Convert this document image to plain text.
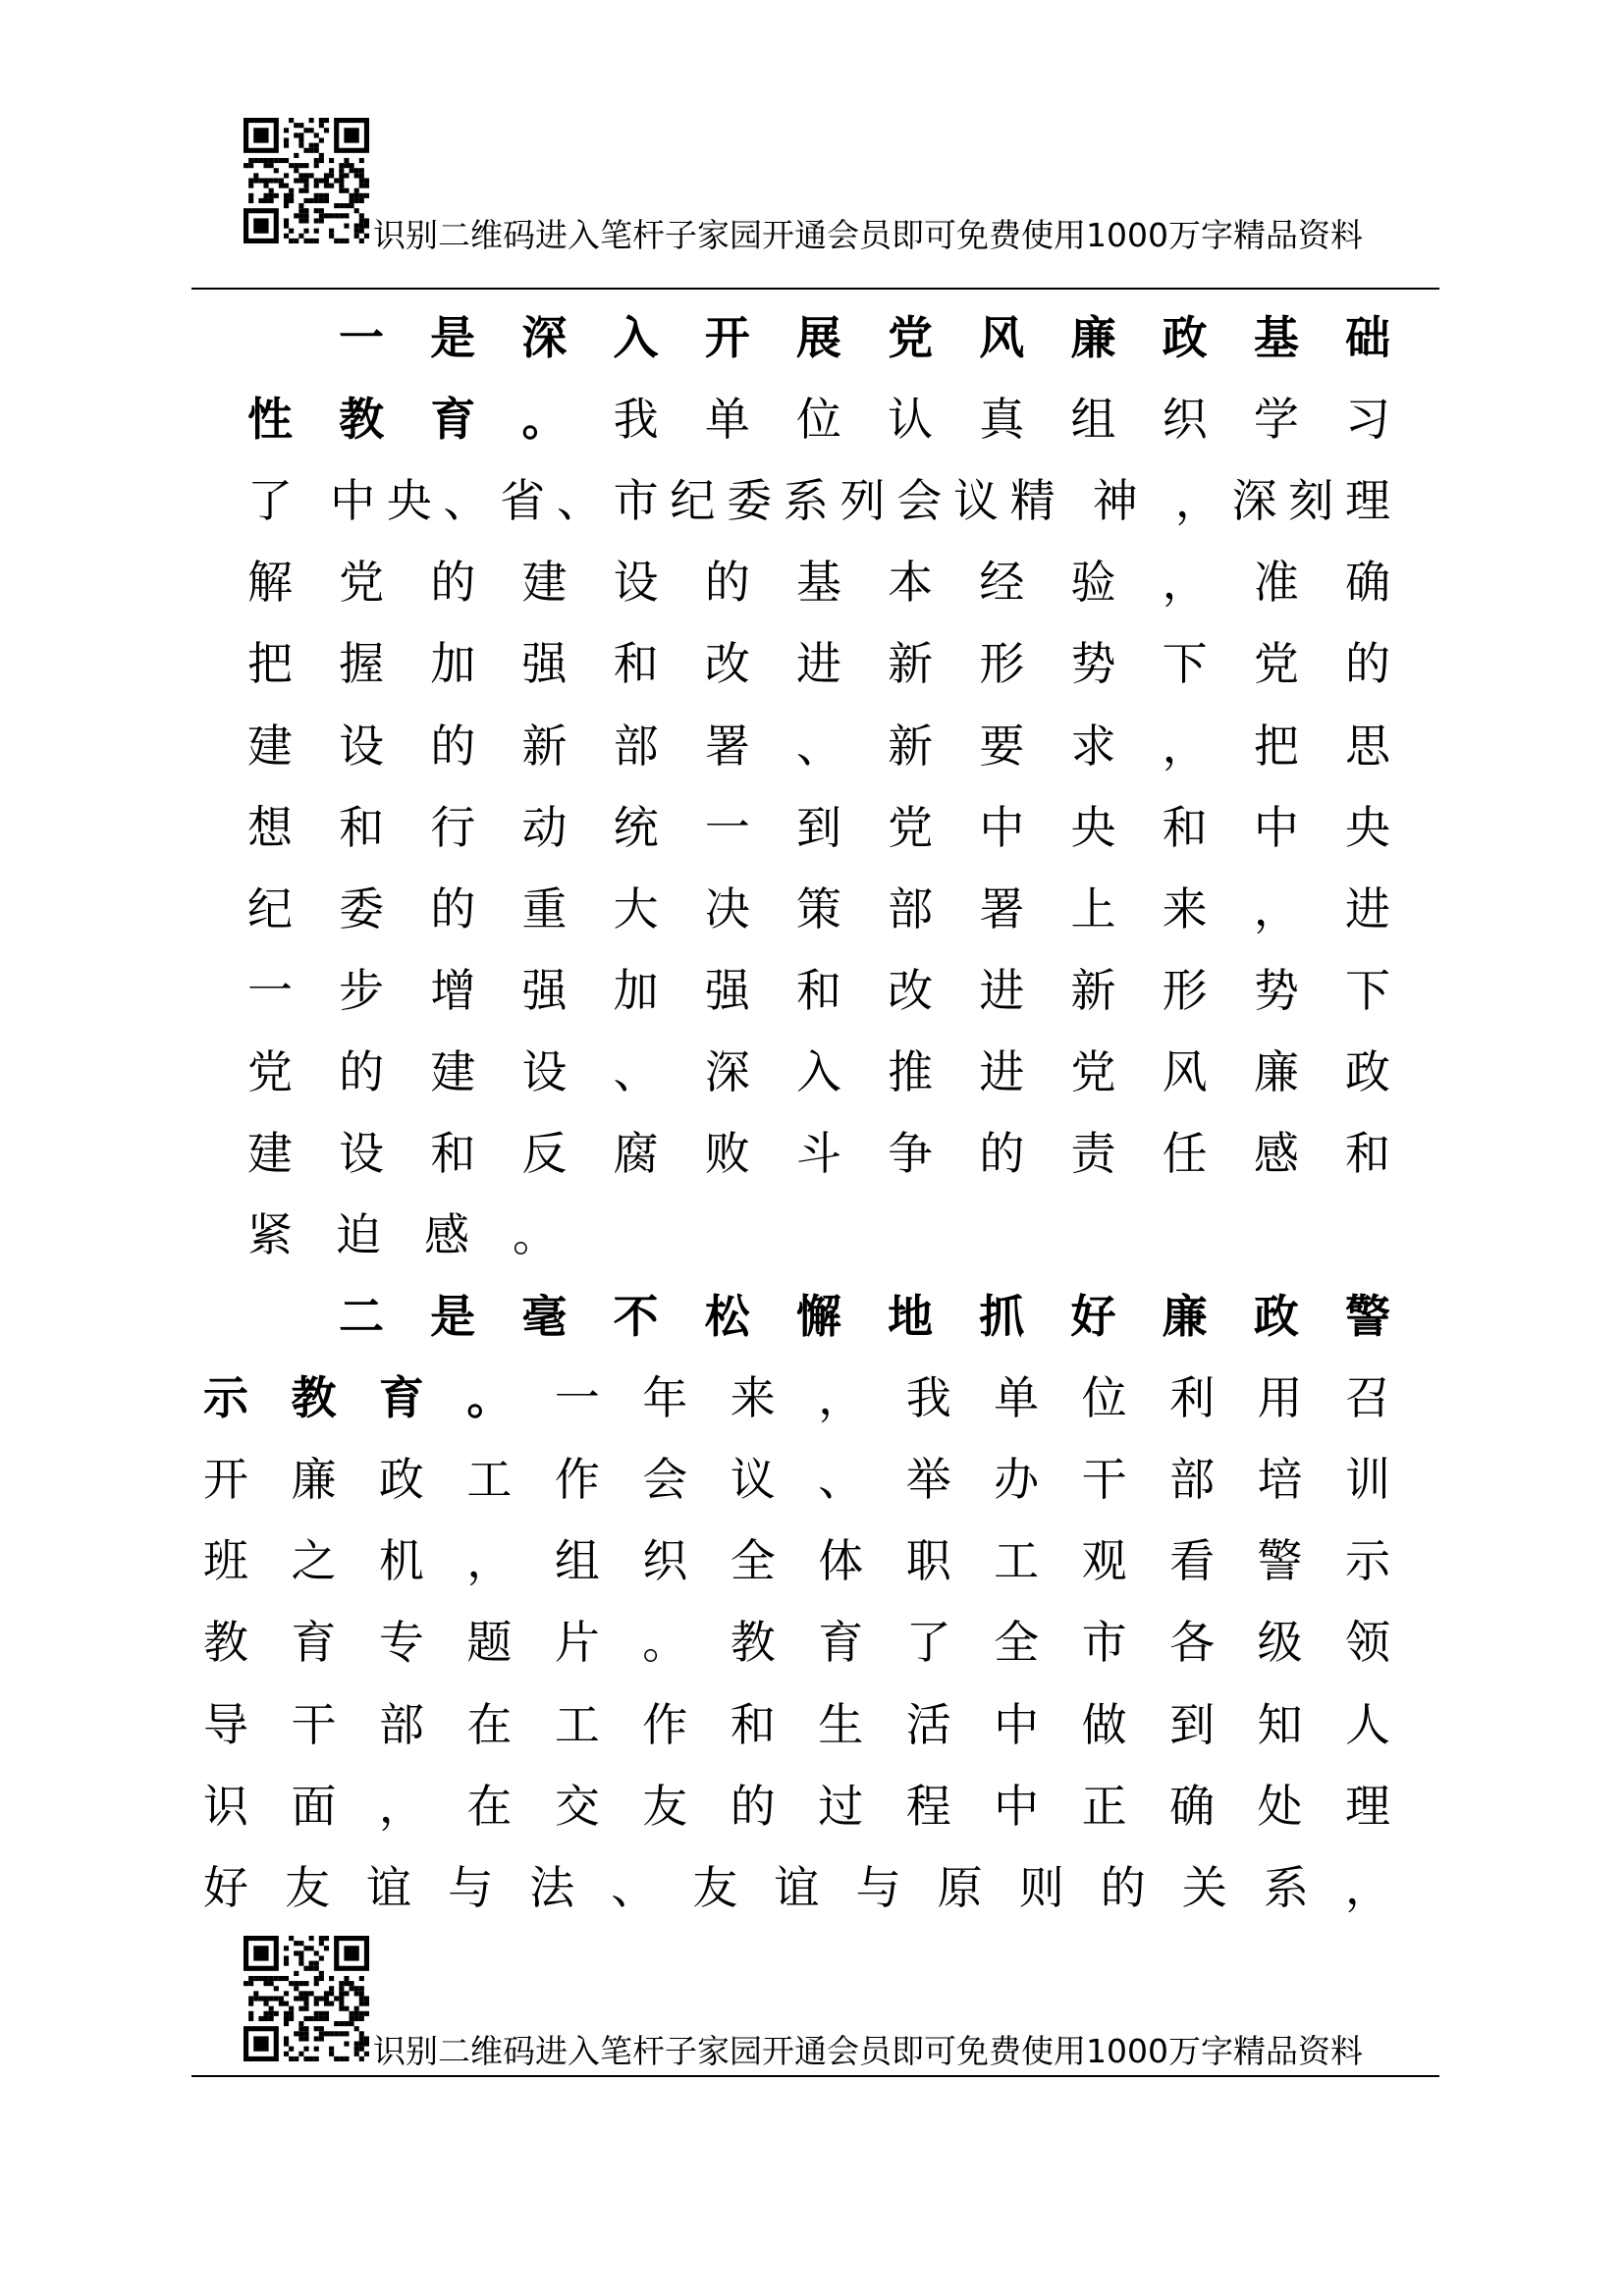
识别二维码进入笔杆子家园开通会员即可免费使用1000万字精品资料
一是深入开展党风廉政基础
性教育。我单位认真组织学习
了 中央、省、市纪委系列会议精 神 ，深刻理
解党的建设的基本经验，准确
把握加强和改进新形势下党的
建设的新部署、新要求，把思
想和行动统一到党中央和中央
纪委的重大决策部署上来，进
一步增强加强和改进新形势下
党的建设、深入推进党风廉政
建设和反腐败斗争的责任感和
紧迫感。
二是毫不松懈地抓好廉政警
示教育。一年来，我单位利用召
开廉政工作会议、举办干部培训
班之机，组织全体职工观看警示
教育专题片。教育了全市各级领
导干部在工作和生活中做到知人
识面，在交友的过程中正确处理
好友谊与法、友谊与原则的关系，
识别二维码进入笔杆子家园开通会员即可免费使用1000万字精品资料
